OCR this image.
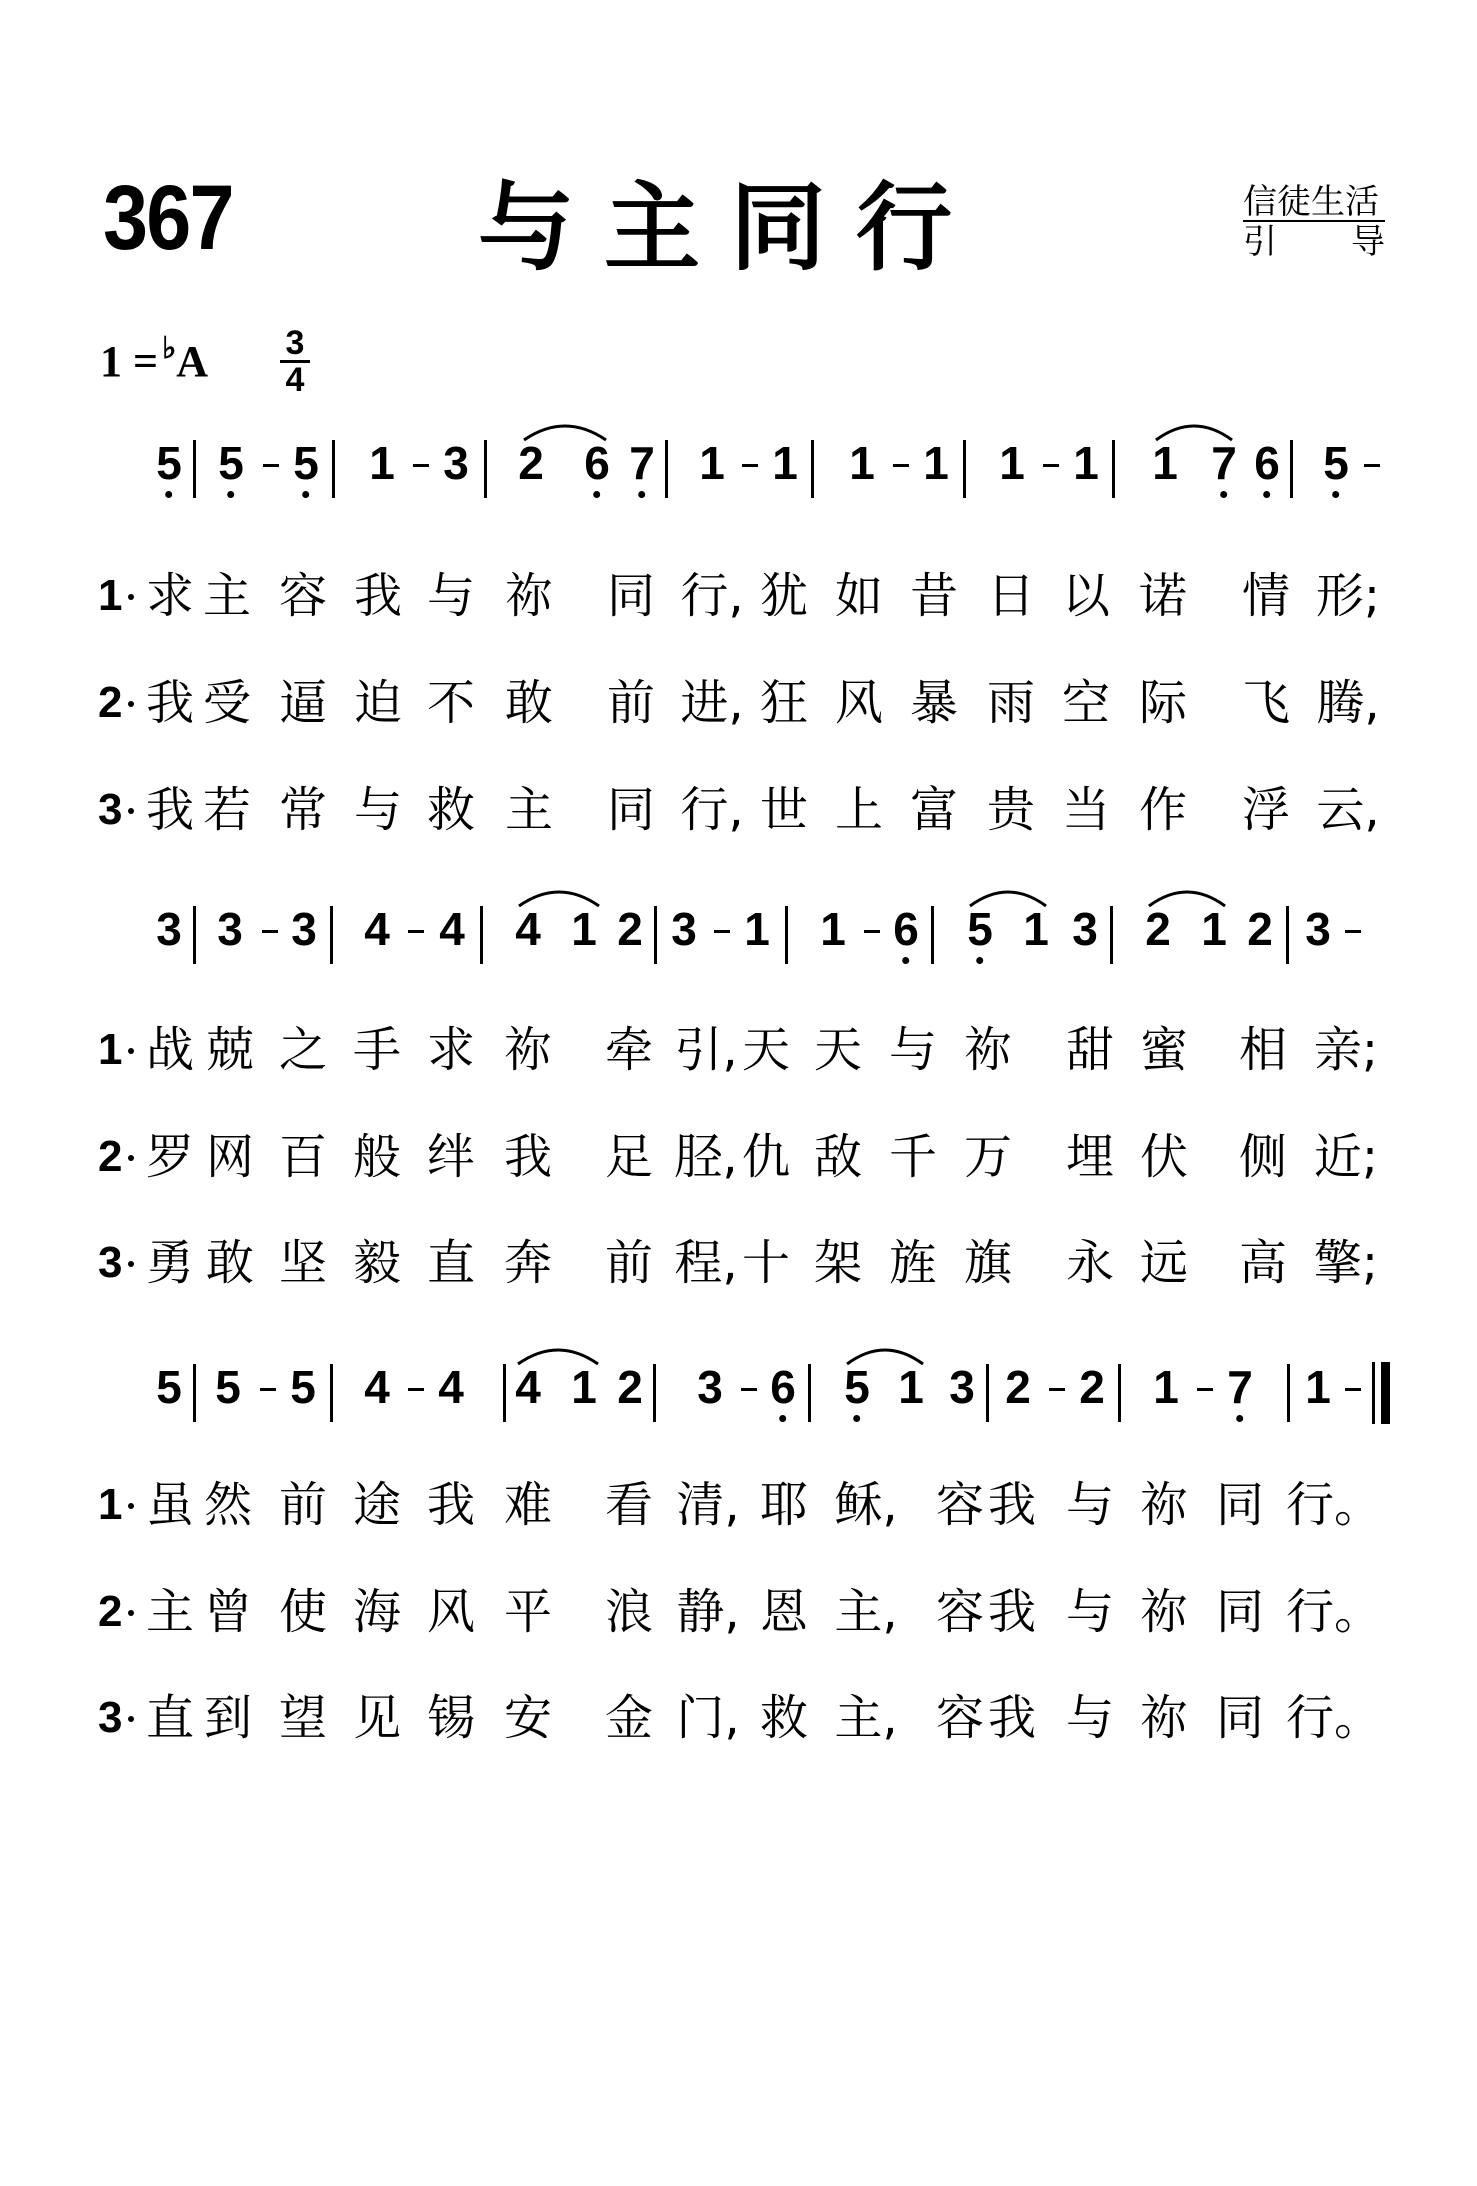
367	与主同行	信徒生活
引 导
1 = ♭A 3
4
5 5 5 1 3 2 6 7 1 1 1 1 1 1 1 7 6 5
1 求 主 容 我 与 祢 同 行, 犹 如 昔 日 以 诺 情 形;
2 我 受 逼 迫 不 敢 前 进, 狂 风 暴 雨 空 际 飞 腾,
3 我 若 常 与 救 主 同 行, 世 上 富 贵 当 作 浮 云,
3 3 3 4 4 4 1 2 3 1 1 6 5 1 3 2 1 2 3
1 战 兢 之 手 求 祢 牵 引, 天 天 与 祢 甜 蜜 相 亲;
2 罗 网 百 般 绊 我 足 胫, 仇 敌 千 万 埋 伏 侧 近;
3 勇 敢 坚 毅 直 奔 前 程, 十 架 旌 旗 永 远 高 擎;
5 5 5 4 4 4 1 2 3 6 5 1 3 2 2 1 7 1
1 虽 然 前 途 我 难 看 清, 耶 稣, 容 我 与 祢 同 行。
2 主 曾 使 海 风 平 浪 静, 恩 主, 容 我 与 祢 同 行。
3 直 到 望 见 锡 安 金 门, 救 主, 容 我 与 祢 同 行。
